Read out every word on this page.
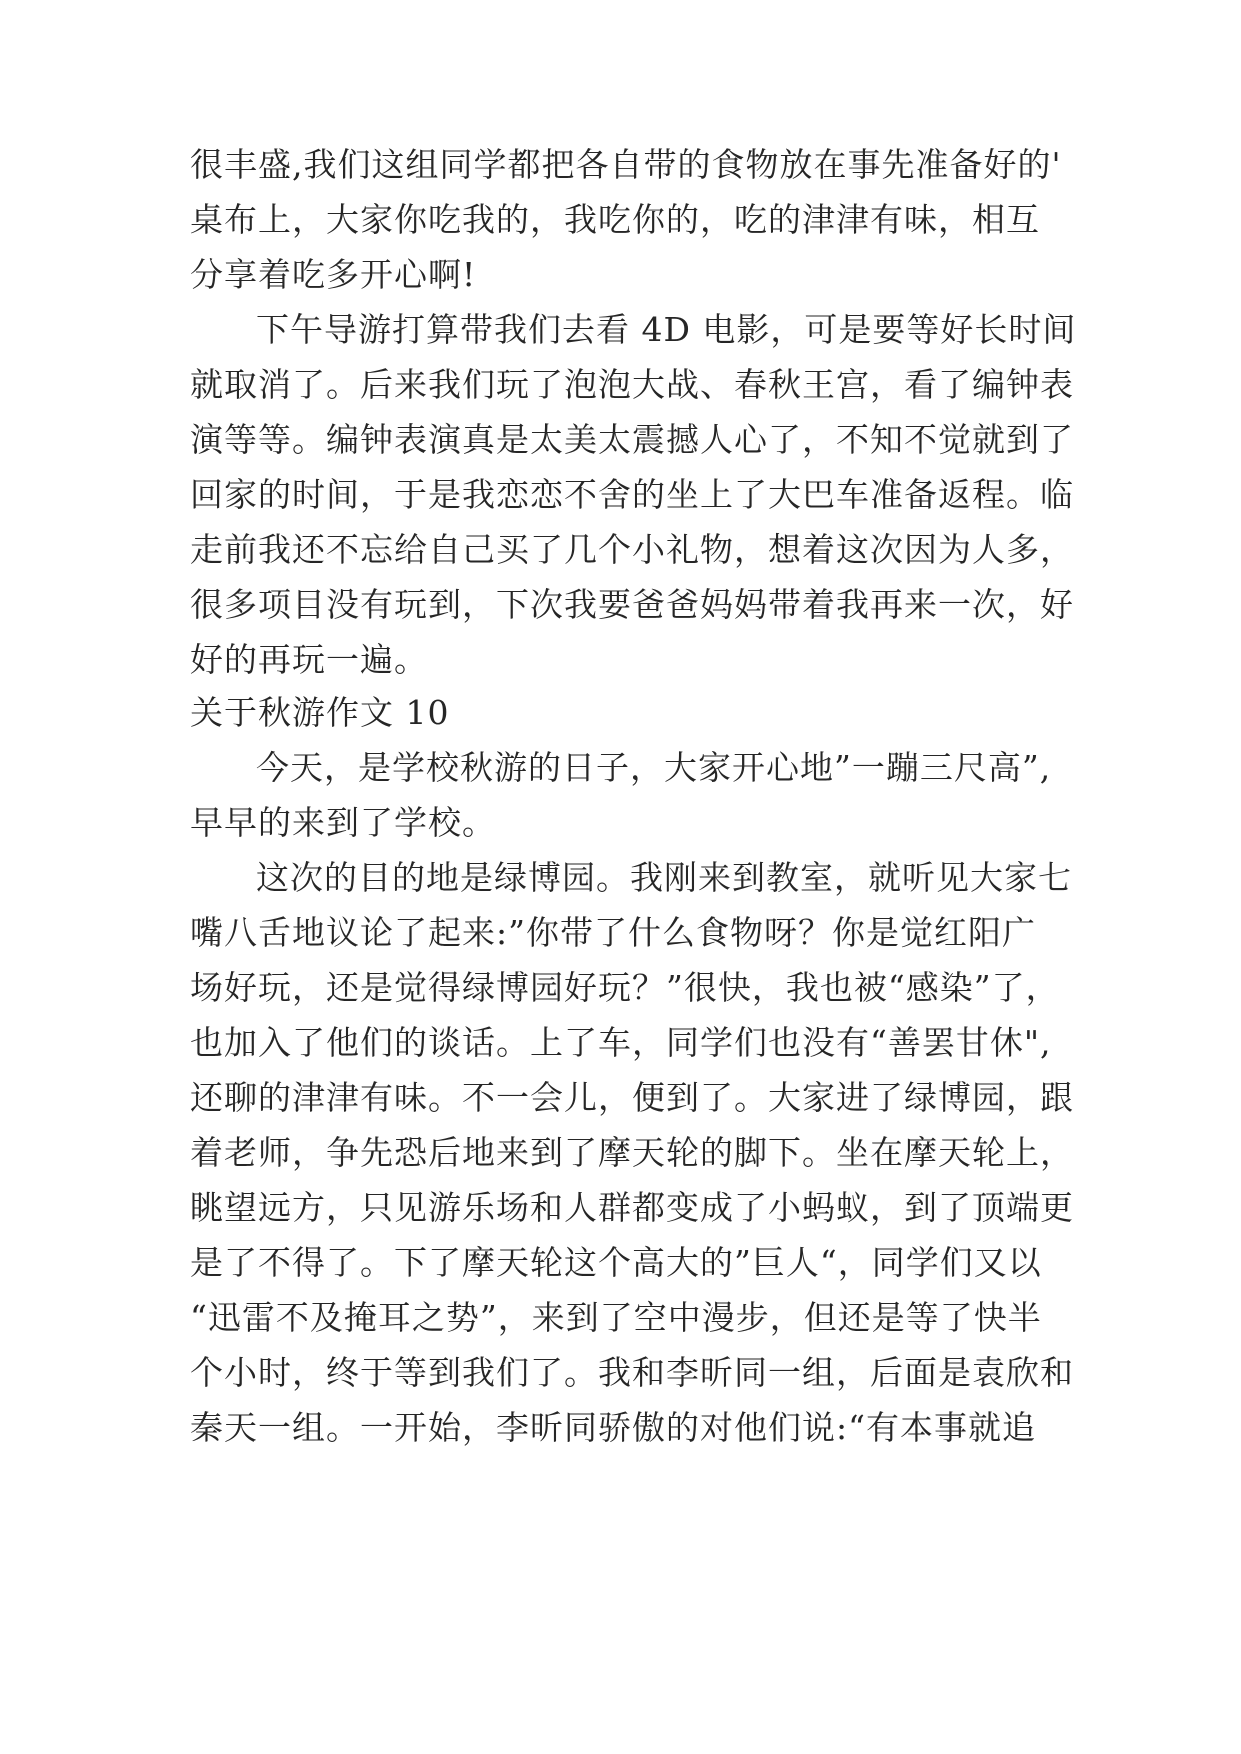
很丰盛,我们这组同学都把各自带的食物放在事先准备好的'
桌布上，大家你吃我的，我吃你的，吃的津津有味，相互
分享着吃多开心啊!
下午导游打算带我们去看 4D 电影，可是要等好长时间
就取消了。后来我们玩了泡泡大战、春秋王宫，看了编钟表
演等等。编钟表演真是太美太震撼人心了，不知不觉就到了
回家的时间，于是我恋恋不舍的坐上了大巴车准备返程。临
走前我还不忘给自己买了几个小礼物，想着这次因为人多，
很多项目没有玩到，下次我要爸爸妈妈带着我再来一次，好
好的再玩一遍。
关于秋游作文 10
今天，是学校秋游的日子，大家开心地”一蹦三尺高”,
早早的来到了学校。
这次的目的地是绿博园。我刚来到教室，就听见大家七
嘴八舌地议论了起来:”你带了什么食物呀？你是觉红阳广
场好玩，还是觉得绿博园好玩？”很快，我也被“感染”了，
也加入了他们的谈话。上了车，同学们也没有“善罢甘休",
还聊的津津有味。不一会儿，便到了。大家进了绿博园，跟
着老师，争先恐后地来到了摩天轮的脚下。坐在摩天轮上，
眺望远方，只见游乐场和人群都变成了小蚂蚁，到了顶端更
是了不得了。下了摩天轮这个高大的”巨人“，同学们又以
“迅雷不及掩耳之势”，来到了空中漫步，但还是等了快半
个小时，终于等到我们了。我和李昕同一组，后面是袁欣和
秦天一组。一开始，李昕同骄傲的对他们说:“有本事就追
